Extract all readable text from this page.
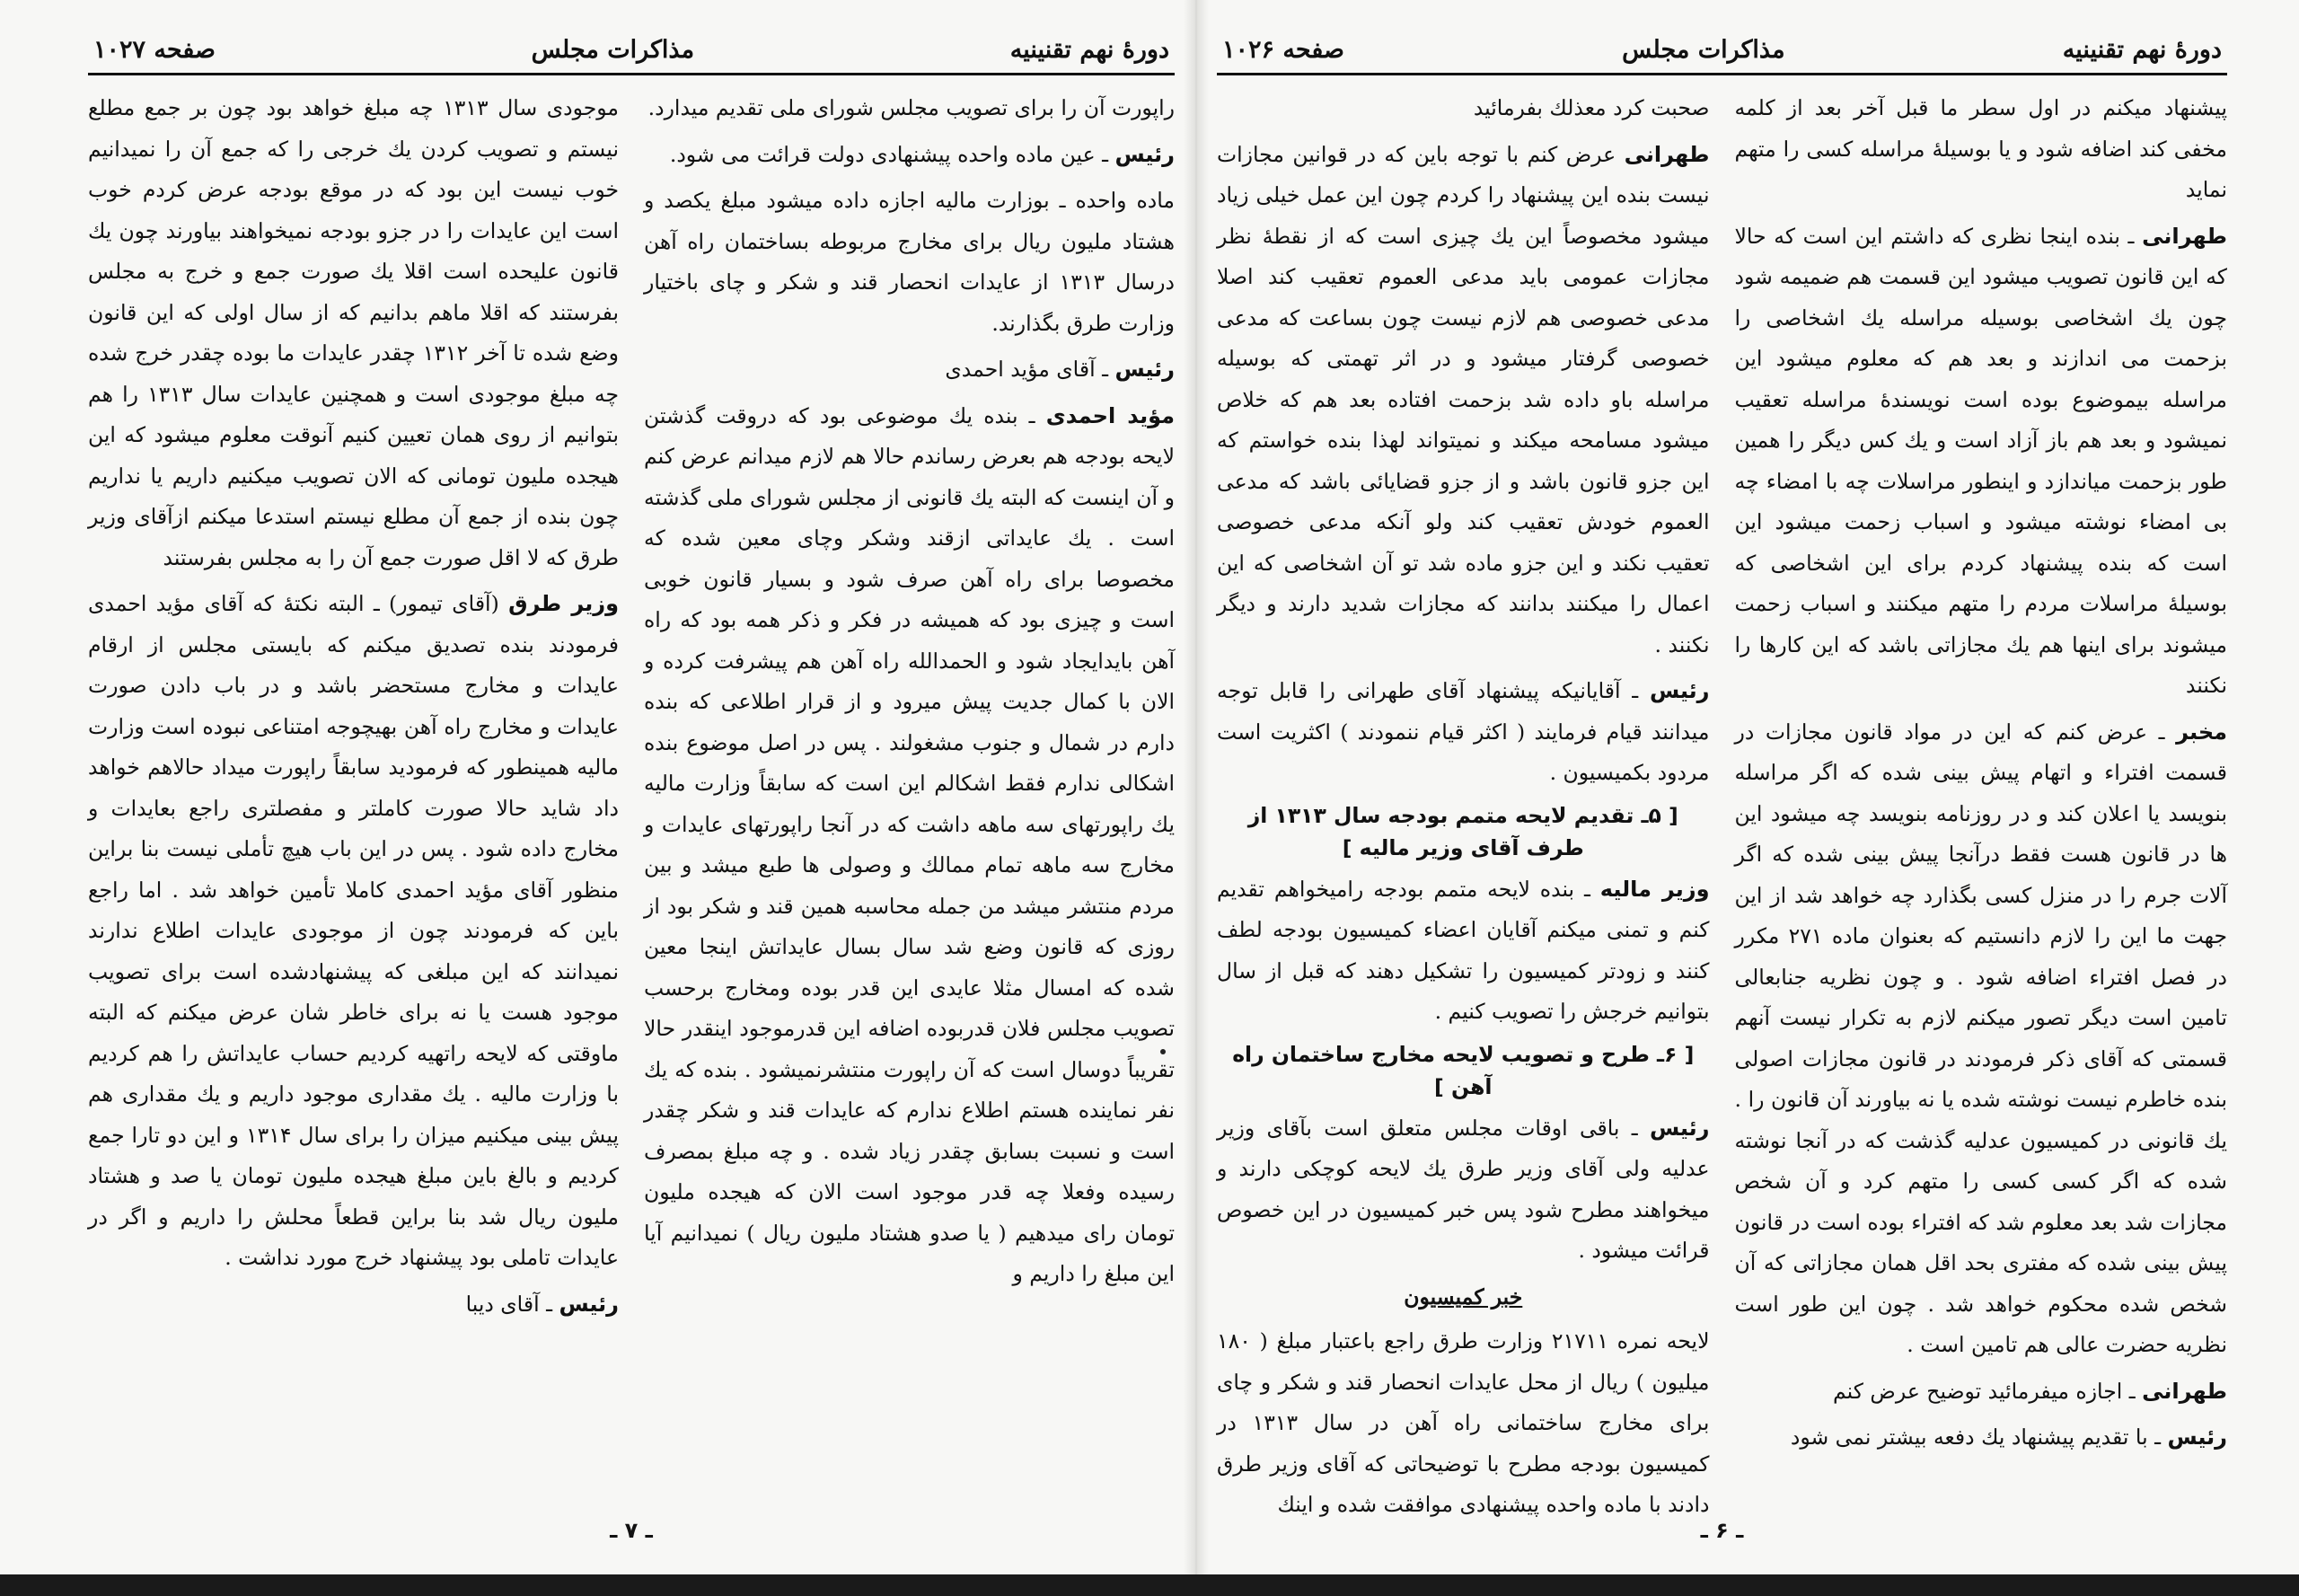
دورهٔ نهم تقنینیه
مذاکرات مجلس
صفحه ۱۰۲۷

راپورت آن را برای تصویب مجلس شورای ملی تقدیم میدارد.

رئیس ـ عین ماده واحده پیشنهادی دولت قرائت می شود.

ماده واحده ـ بوزارت مالیه اجازه داده میشود مبلغ یکصد و هشتاد ملیون ریال برای مخارج مربوطه بساختمان راه آهن درسال ۱۳۱۳ از عایدات انحصار قند و شکر و چای باختیار وزارت طرق بگذارند.

رئیس ـ آقای مؤید احمدی

مؤید احمدی ـ بنده یك موضوعی بود که دروقت گذشتن لایحه بودجه هم بعرض رساندم حالا هم لازم میدانم عرض کنم و آن اینست که البته یك قانونی از مجلس شورای ملی گذشته است . یك عایداتی ازقند وشکر وچای معین شده که مخصوصا برای راه آهن صرف شود و بسیار قانون خوبی است و چیزی بود که همیشه در فکر و ذکر همه بود که راه آهن بایدایجاد شود و الحمدالله راه آهن هم پیشرفت کرده و الان با کمال جدیت پیش میرود و از قرار اطلاعی که بنده دارم در شمال و جنوب مشغولند . پس در اصل موضوع بنده اشکالی ندارم فقط اشکالم این است که سابقاً وزارت مالیه یك راپورتهای سه ماهه داشت که در آنجا راپورتهای عایدات و مخارج سه ماهه تمام ممالك و وصولی ها طبع میشد و بین مردم منتشر میشد من جمله محاسبه همین قند و شکر بود از روزی که قانون وضع شد سال بسال عایداتش اینجا معین شده که امسال مثلا عایدی این قدر بوده ومخارج برحسب تصویب مجلس فلان قدربوده اضافه این قدرموجود اینقدر حالا تقریباً دوسال است که آن راپورت منتشرنمیشود . بنده که یك نفر نماینده هستم اطلاع ندارم که عایدات قند و شکر چقدر است و نسبت بسابق چقدر زیاد شده . و چه مبلغ بمصرف رسیده وفعلا چه قدر موجود است الان که هیجده ملیون تومان رای میدهیم ( یا صدو هشتاد ملیون ریال ) نمیدانیم آیا این مبلغ را داریم و

موجودی سال ۱۳۱۳ چه مبلغ خواهد بود چون بر جمع مطلع نیستم و تصویب کردن یك خرجی را که جمع آن را نمیدانیم خوب نیست این بود که در موقع بودجه عرض کردم خوب است این عایدات را در جزو بودجه نمیخواهند بیاورند چون یك قانون علیحده است اقلا یك صورت جمع و خرج به مجلس بفرستند که اقلا ماهم بدانیم که از سال اولی که این قانون وضع شده تا آخر ۱۳۱۲ چقدر عایدات ما بوده چقدر خرج شده چه مبلغ موجودی است و همچنین عایدات سال ۱۳۱۳ را هم بتوانیم از روی همان تعیین کنیم آنوقت معلوم میشود که این هیجده ملیون تومانی که الان تصویب میکنیم داریم یا نداریم چون بنده از جمع آن مطلع نیستم استدعا میکنم ازآقای وزیر طرق که لا اقل صورت جمع آن را به مجلس بفرستند

وزیر طرق (آقای تیمور) ـ البته نکتهٔ که آقای مؤید احمدی فرمودند بنده تصدیق میکنم که بایستی مجلس از ارقام عایدات و مخارج مستحضر باشد و در باب دادن صورت عایدات و مخارج راه آهن بهیچوجه امتناعی نبوده است وزارت مالیه همینطور که فرمودید سابقاً راپورت میداد حالاهم خواهد داد شاید حالا صورت کاملتر و مفصلتری راجع بعایدات و مخارج داده شود . پس در این باب هیچ تأملی نیست بنا براین منظور آقای مؤید احمدی کاملا تأمین خواهد شد . اما راجع باین که فرمودند چون از موجودی عایدات اطلاع ندارند نمیدانند که این مبلغی که پیشنهادشده است برای تصویب موجود هست یا نه برای خاطر شان عرض میکنم که البته ماوقتی که لایحه راتهیه کردیم حساب عایداتش را هم کردیم با وزارت مالیه . یك مقداری موجود داریم و یك مقداری هم پیش بینی میکنیم میزان را برای سال ۱۳۱۴ و این دو تارا جمع کردیم و بالغ باین مبلغ هیجده ملیون تومان یا صد و هشتاد ملیون ریال شد بنا براین قطعاً محلش را داریم و اگر در عایدات تاملی بود پیشنهاد خرج مورد نداشت .

رئیس ـ آقای دیبا

ـ ۷ ـ
دورهٔ نهم تقنینیه
مذاکرات مجلس
صفحه ۱۰۲۶

پیشنهاد میکنم در اول سطر ما قبل آخر بعد از کلمه مخفی کند اضافه شود و یا بوسیلهٔ مراسله کسی را متهم نماید

طهرانی ـ بنده اینجا نظری که داشتم این است که حالا که این قانون تصویب میشود این قسمت هم ضمیمه شود چون یك اشخاصی بوسیله مراسله یك اشخاصی را بزحمت می اندازند و بعد هم که معلوم میشود این مراسله بیموضوع بوده است نویسندهٔ مراسله تعقیب نمیشود و بعد هم باز آزاد است و یك کس دیگر را همین طور بزحمت میاندازد و اینطور مراسلات چه با امضاء چه بی امضاء نوشته میشود و اسباب زحمت میشود این است که بنده پیشنهاد کردم برای این اشخاصی که بوسیلهٔ مراسلات مردم را متهم میکنند و اسباب زحمت میشوند برای اینها هم یك مجازاتی باشد که این کارها را نکنند

مخبر ـ عرض کنم که این در مواد قانون مجازات در قسمت افتراء و اتهام پیش بینی شده که اگر مراسله بنویسد یا اعلان کند و در روزنامه بنویسد چه میشود این ها در قانون هست فقط درآنجا پیش بینی شده که اگر آلات جرم را در منزل کسی بگذارد چه خواهد شد از این جهت ما این را لازم دانستیم که بعنوان ماده ۲۷۱ مکرر در فصل افتراء اضافه شود . و چون نظریه جنابعالی تامین است دیگر تصور میکنم لازم به تکرار نیست آنهم قسمتی که آقای ذکر فرمودند در قانون مجازات اصولی بنده خاطرم نیست نوشته شده یا نه بیاورند آن قانون را . یك قانونی در کمیسیون عدلیه گذشت که در آنجا نوشته شده که اگر کسی کسی را متهم کرد و آن شخص مجازات شد بعد معلوم شد که افتراء بوده است در قانون پیش بینی شده که مفتری بحد اقل همان مجازاتی که آن شخص شده محکوم خواهد شد . چون این طور است نظریه حضرت عالی هم تامین است .

طهرانی ـ اجازه میفرمائید توضیح عرض کنم

رئیس ـ با تقدیم پیشنهاد یك دفعه بیشتر نمی شود

صحبت کرد معذلك بفرمائید

طهرانی عرض کنم با توجه باین که در قوانین مجازات نیست بنده این پیشنهاد را کردم چون این عمل خیلی زیاد میشود مخصوصاً این یك چیزی است که از نقطهٔ نظر مجازات عمومی باید مدعی العموم تعقیب کند اصلا مدعی خصوصی هم لازم نیست چون بساعت که مدعی خصوصی گرفتار میشود و در اثر تهمتی که بوسیله مراسله باو داده شد بزحمت افتاده بعد هم که خلاص میشود مسامحه میکند و نمیتواند لهذا بنده خواستم که این جزو قانون باشد و از جزو قضایائی باشد که مدعی العموم خودش تعقیب کند ولو آنکه مدعی خصوصی تعقیب نکند و این جزو ماده شد تو آن اشخاصی که این اعمال را میکنند بدانند که مجازات شدید دارند و دیگر نکنند .

رئیس ـ آقایانیکه پیشنهاد آقای طهرانی را قابل توجه میدانند قیام فرمایند ( اکثر قیام ننمودند ) اکثریت است مردود بکمیسیون .

[ ۵ـ تقدیم لایحه متمم بودجه سال ۱۳۱۳ از طرف آقای وزیر مالیه ]

وزیر مالیه ـ بنده لایحه متمم بودجه رامیخواهم تقدیم کنم و تمنی میکنم آقایان اعضاء کمیسیون بودجه لطف کنند و زودتر کمیسیون را تشکیل دهند که قبل از سال بتوانیم خرجش را تصویب کنیم .

[ ۶ـ طرح و تصویب لایحه مخارج ساختمان راه آهن ]

رئیس ـ باقی اوقات مجلس متعلق است بآقای وزیر عدلیه ولی آقای وزیر طرق یك لایحه کوچکی دارند و میخواهند مطرح شود پس خبر کمیسیون در این خصوص قرائت میشود .

خبر کمیسیون

لایحه نمره ۲۱۷۱۱ وزارت طرق راجع باعتبار مبلغ ( ۱۸۰ میلیون ) ریال از محل عایدات انحصار قند و شکر و چای برای مخارج ساختمانی راه آهن در سال ۱۳۱۳ در کمیسیون بودجه مطرح با توضیحاتی که آقای وزیر طرق دادند با ماده واحده پیشنهادی موافقت شده و اینك

ـ ۶ ـ
